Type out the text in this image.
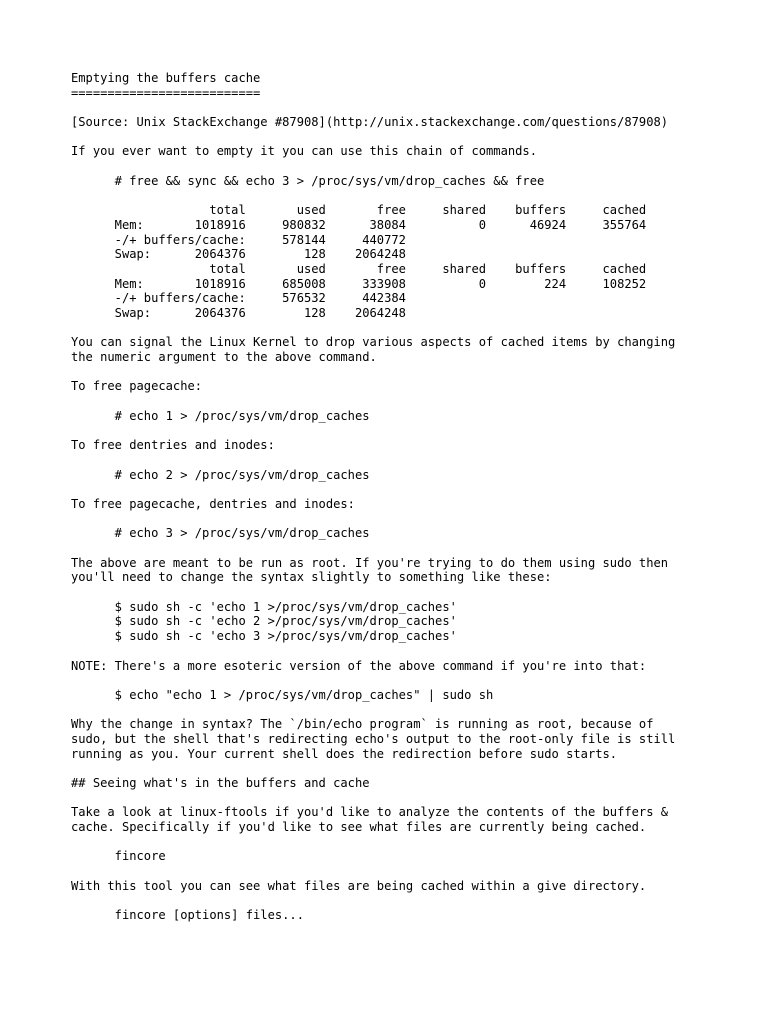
Emptying the buffers cache
==========================
[Source: Unix StackExchange #87908](http://unix.stackexchange.com/questions/87908)
If you ever want to empty it you can use this chain of commands.
# free && sync && echo 3 > /proc/sys/vm/drop_caches && free
total       used       free     shared    buffers     cached
Mem:       1018916     980832      38084          0      46924     355764
-/+ buffers/cache:     578144     440772
Swap:      2064376        128    2064248
total       used       free     shared    buffers     cached
Mem:       1018916     685008     333908          0        224     108252
-/+ buffers/cache:     576532     442384
Swap:      2064376        128    2064248
You can signal the Linux Kernel to drop various aspects of cached items by changing
the numeric argument to the above command.
To free pagecache:
# echo 1 > /proc/sys/vm/drop_caches
To free dentries and inodes:
# echo 2 > /proc/sys/vm/drop_caches
To free pagecache, dentries and inodes:
# echo 3 > /proc/sys/vm/drop_caches
The above are meant to be run as root. If you're trying to do them using sudo then
you'll need to change the syntax slightly to something like these:
$ sudo sh -c 'echo 1 >/proc/sys/vm/drop_caches'
$ sudo sh -c 'echo 2 >/proc/sys/vm/drop_caches'
$ sudo sh -c 'echo 3 >/proc/sys/vm/drop_caches'
NOTE: There's a more esoteric version of the above command if you're into that:
$ echo "echo 1 > /proc/sys/vm/drop_caches" | sudo sh
Why the change in syntax? The `/bin/echo program` is running as root, because of
sudo, but the shell that's redirecting echo's output to the root-only file is still
running as you. Your current shell does the redirection before sudo starts.
## Seeing what's in the buffers and cache
Take a look at linux-ftools if you'd like to analyze the contents of the buffers &
cache. Specifically if you'd like to see what files are currently being cached.
fincore
With this tool you can see what files are being cached within a give directory.
fincore [options] files...
